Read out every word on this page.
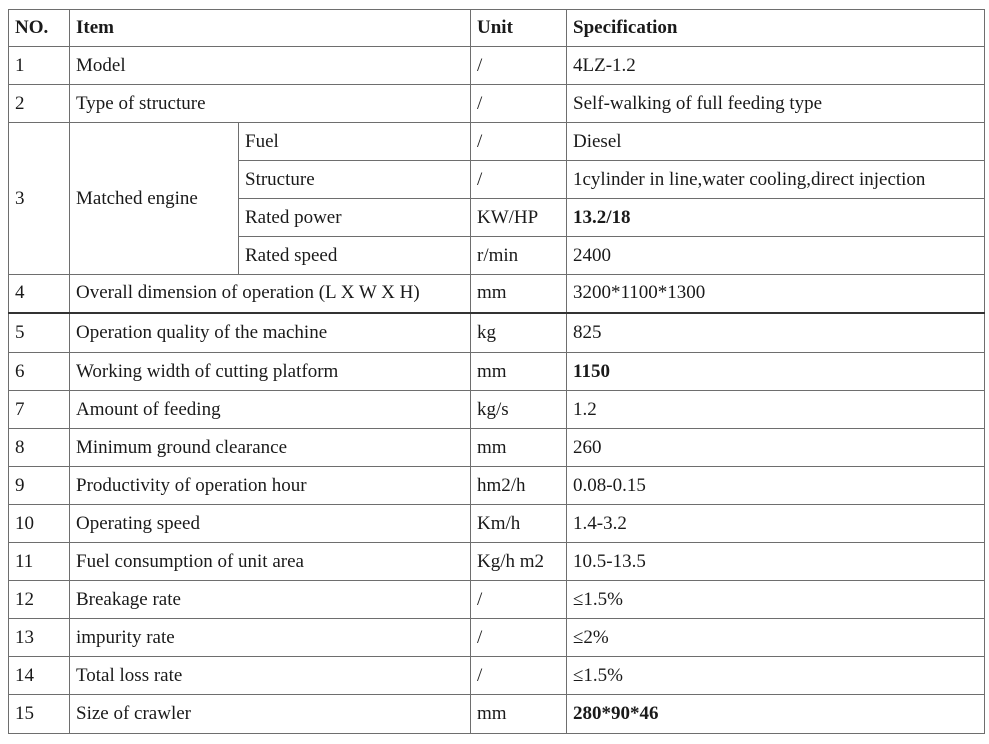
NO.	Item		Unit	Specification
1	Model		/	4LZ-1.2
2	Type of structure		/	Self-walking of full feeding type
3	Matched engine	Fuel	/	Diesel
		Structure	/	1cylinder in line,water cooling,direct injection
		Rated power	KW/HP	13.2/18
		Rated speed	r/min	2400
4	Overall dimension of operation (L X W X H)		mm	3200*1100*1300
5	Operation quality of the machine		kg	825
6	Working width of cutting platform		mm	1150
7	Amount of feeding		kg/s	1.2
8	Minimum ground clearance		mm	260
9	Productivity of operation hour		hm2/h	0.08-0.15
10	Operating speed		Km/h	1.4-3.2
11	Fuel consumption of unit area		Kg/h m2	10.5-13.5
12	Breakage rate		/	≤1.5%
13	impurity rate		/	≤2%
14	Total loss rate		/	≤1.5%
15	Size of crawler		mm	280*90*46
